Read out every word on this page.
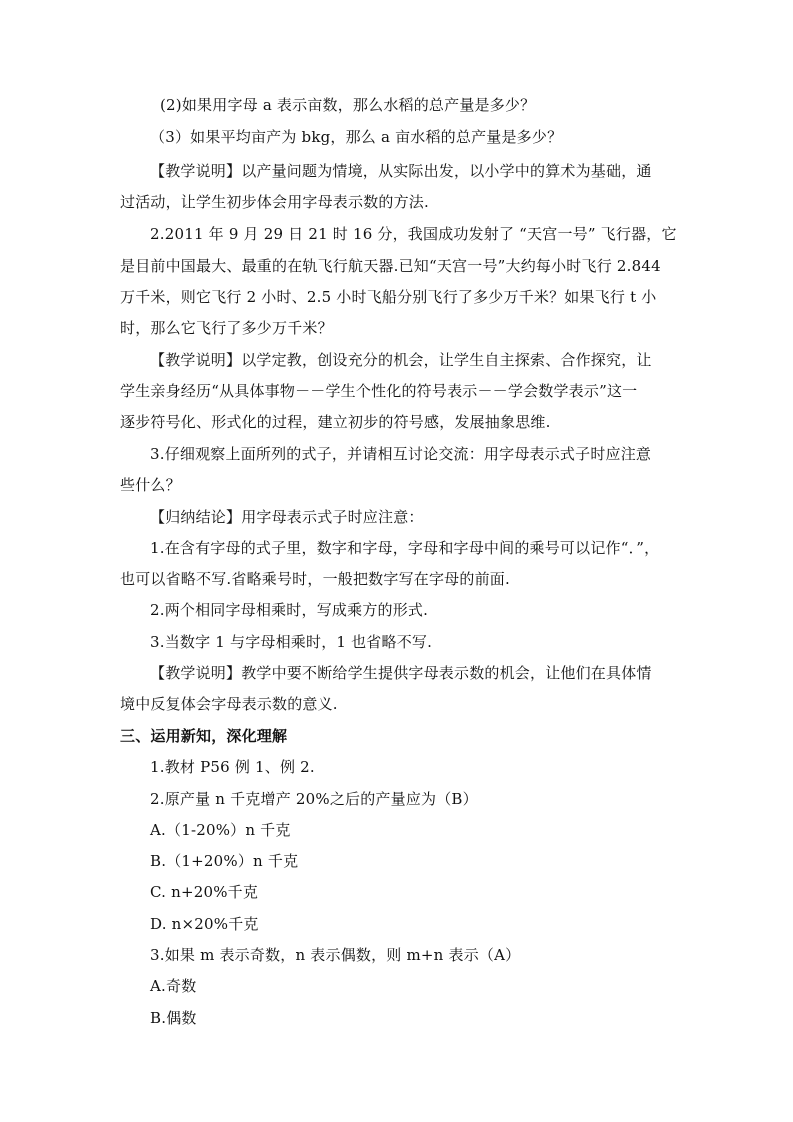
(2)如果用字母 a 表示亩数，那么水稻的总产量是多少？
（3）如果平均亩产为 bkg，那么 a 亩水稻的总产量是多少？
【教学说明】以产量问题为情境，从实际出发，以小学中的算术为基础，通
过活动，让学生初步体会用字母表示数的方法.
2.2011 年 9 月 29 日 21 时 16 分，我国成功发射了 “天宫一号” 飞行器，它
是目前中国最大、最重的在轨飞行航天器.已知“天宫一号”大约每小时飞行 2.844
万千米，则它飞行 2 小时、2.5 小时飞船分别飞行了多少万千米？如果飞行 t 小
时，那么它飞行了多少万千米？
【教学说明】以学定教，创设充分的机会，让学生自主探索、合作探究，让
学生亲身经历“从具体事物－－学生个性化的符号表示－－学会数学表示”这一
逐步符号化、形式化的过程，建立初步的符号感，发展抽象思维.
3.仔细观察上面所列的式子，并请相互讨论交流：用字母表示式子时应注意
些什么？
【归纳结论】用字母表示式子时应注意：
1.在含有字母的式子里，数字和字母，字母和字母中间的乘号可以记作“．”，
也可以省略不写.省略乘号时，一般把数字写在字母的前面.
2.两个相同字母相乘时，写成乘方的形式.
3.当数字 1 与字母相乘时，1 也省略不写.
【教学说明】教学中要不断给学生提供字母表示数的机会，让他们在具体情
境中反复体会字母表示数的意义.
三、运用新知，深化理解
1.教材 P56 例 1、例 2.
2.原产量 n 千克增产 20%之后的产量应为（B）
A.（1-20%）n 千克
B.（1+20%）n 千克
C. n+20%千克
D. n×20%千克
3.如果 m 表示奇数，n 表示偶数，则 m+n 表示（A）
A.奇数
B.偶数
